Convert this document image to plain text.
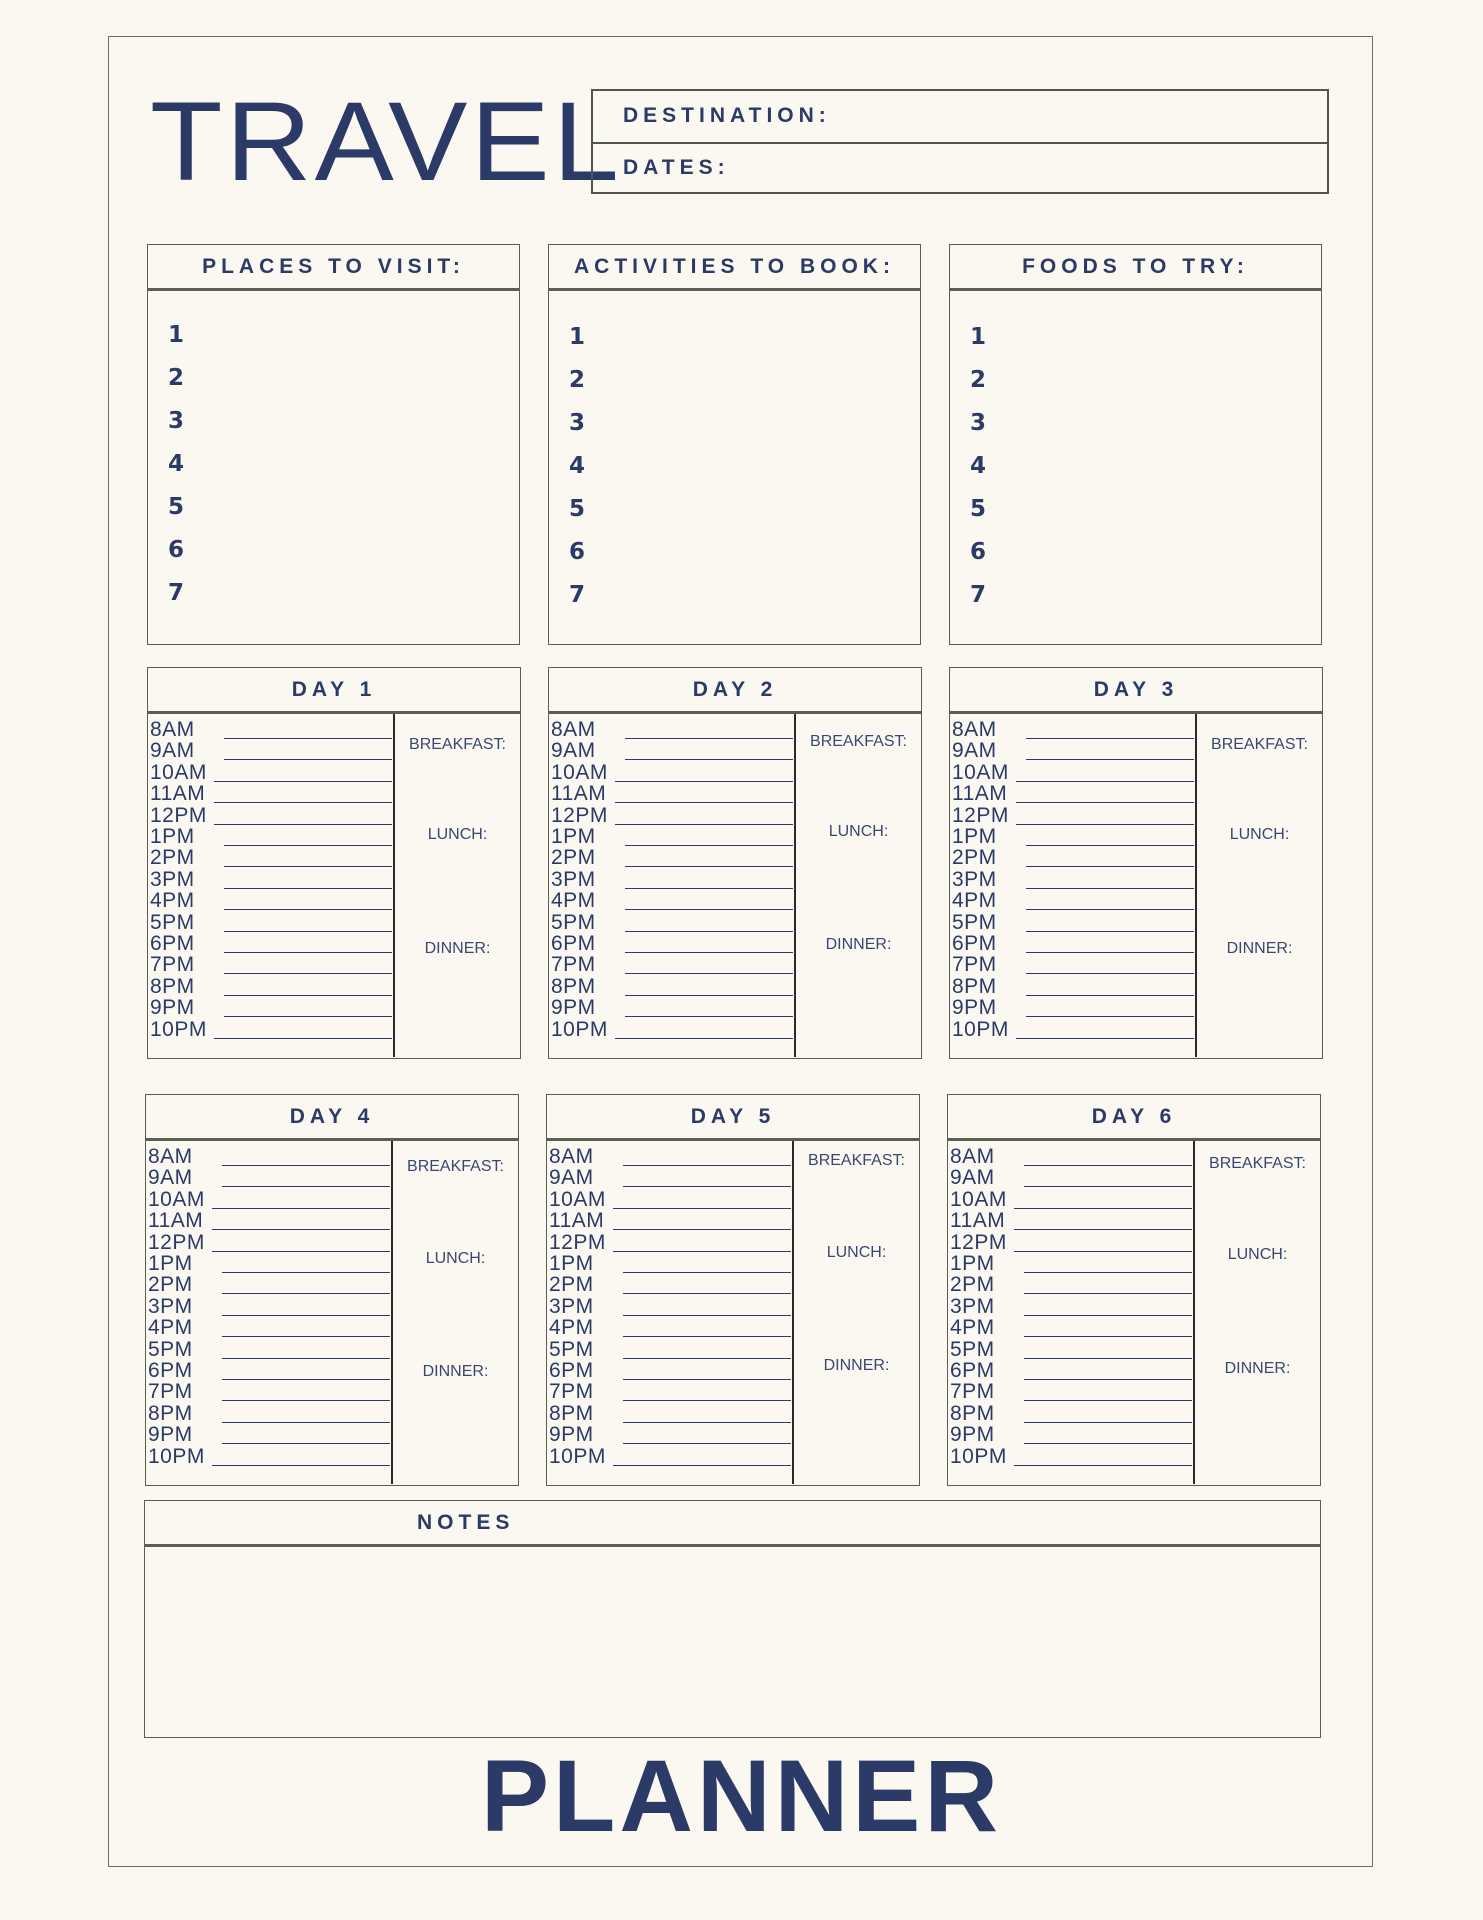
TRAVEL DESTINATION:
DATES:
PLACES TO VISIT:
1
2
3
4
5
6
7
ACTIVITIES TO BOOK:
1
2
3
4
5
6
7
FOODS TO TRY:
1
2
3
4
5
6
7
DAY 1
BREAKFAST:
LUNCH:
DINNER:
8AM
9AM
10AM
11AM
12PM
1PM
2PM
3PM
4PM
5PM
6PM
7PM
8PM
9PM
10PM
DAY 2
BREAKFAST:
LUNCH:
DINNER:
8AM
9AM
10AM
11AM
12PM
1PM
2PM
3PM
4PM
5PM
6PM
7PM
8PM
9PM
10PM
DAY 3
BREAKFAST:
LUNCH:
DINNER:
8AM
9AM
10AM
11AM
12PM
1PM
2PM
3PM
4PM
5PM
6PM
7PM
8PM
9PM
10PM
DAY 4
BREAKFAST:
LUNCH:
DINNER:
8AM
9AM
10AM
11AM
12PM
1PM
2PM
3PM
4PM
5PM
6PM
7PM
8PM
9PM
10PM
DAY 5
BREAKFAST:
LUNCH:
DINNER:
8AM
9AM
10AM
11AM
12PM
1PM
2PM
3PM
4PM
5PM
6PM
7PM
8PM
9PM
10PM
DAY 6
BREAKFAST:
LUNCH:
DINNER:
8AM
9AM
10AM
11AM
12PM
1PM
2PM
3PM
4PM
5PM
6PM
7PM
8PM
9PM
10PM
NOTES
PLANNER
